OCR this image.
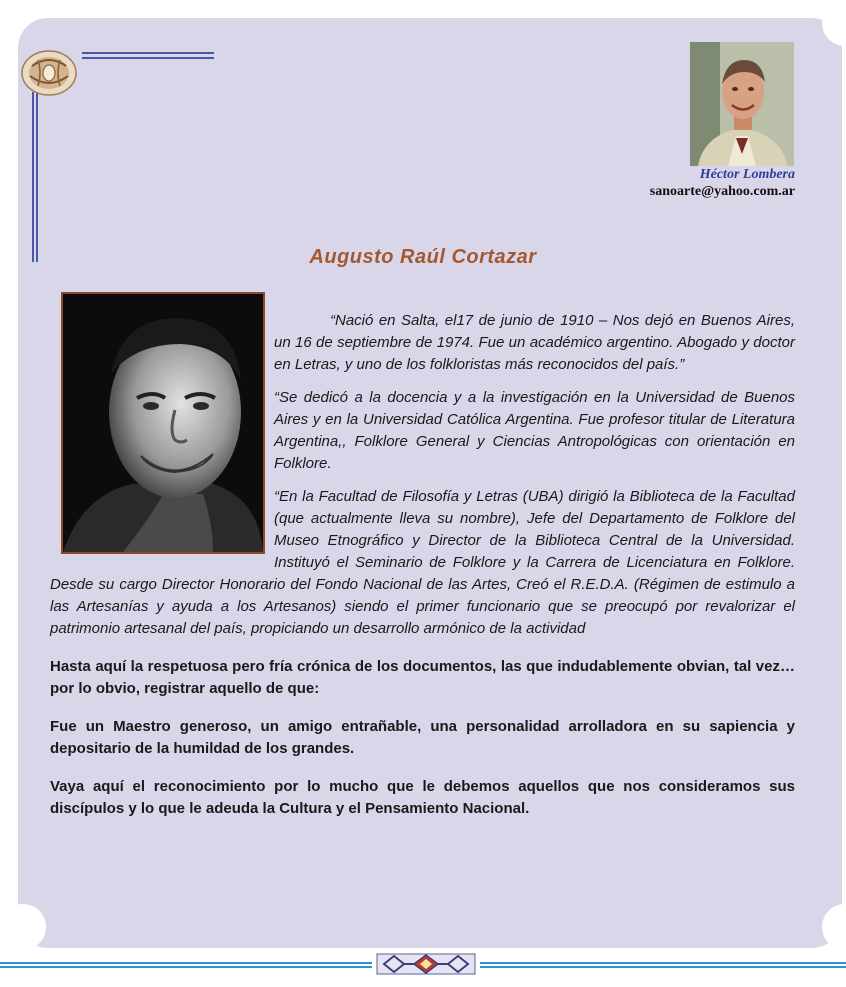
Héctor Lombera
sanoarte@yahoo.com.ar
Augusto Raúl Cortazar

“Nació en Salta, el17 de junio de 1910 – Nos dejó en Buenos Aires, un 16 de septiembre de 1974. Fue un académico argentino. Abogado y doctor en Letras, y uno de los folkloristas más reconocidos del país.”

“Se dedicó a la docencia y a la investigación en la Universidad de Buenos Aires y en la Universidad Católica Argentina. Fue profesor titular de Literatura Argentina,, Folklore General y Ciencias Antropológicas con orientación en Folklore.

“En la Facultad de Filosofía y Letras (UBA) dirigió la Biblioteca de la Facultad (que actualmente lleva su nombre), Jefe del Departamento de Folklore del Museo Etnográfico y Director de la Biblioteca Central de la Universidad. Instituyó el Seminario de Folklore y la Carrera de Licenciatura en Folklore. Desde su cargo Director Honorario del Fondo Nacional de las Artes, Creó el R.E.D.A. (Régimen de estimulo a las Artesanías y ayuda a los Artesanos) siendo el primer funcionario que se preocupó por revalorizar el patrimonio artesanal del país, propiciando un desarrollo armónico de la actividad

Hasta aquí la respetuosa pero fría crónica de los documentos, las que indudablemente obvian, tal vez… por lo obvio, registrar aquello de que:

Fue un Maestro generoso, un amigo entrañable, una personalidad arrolladora en su sapiencia y depositario de la humildad de los grandes.

Vaya aquí el reconocimiento por lo mucho que le debemos aquellos que nos consideramos sus discípulos y lo que le adeuda la Cultura y el Pensamiento Nacional.
